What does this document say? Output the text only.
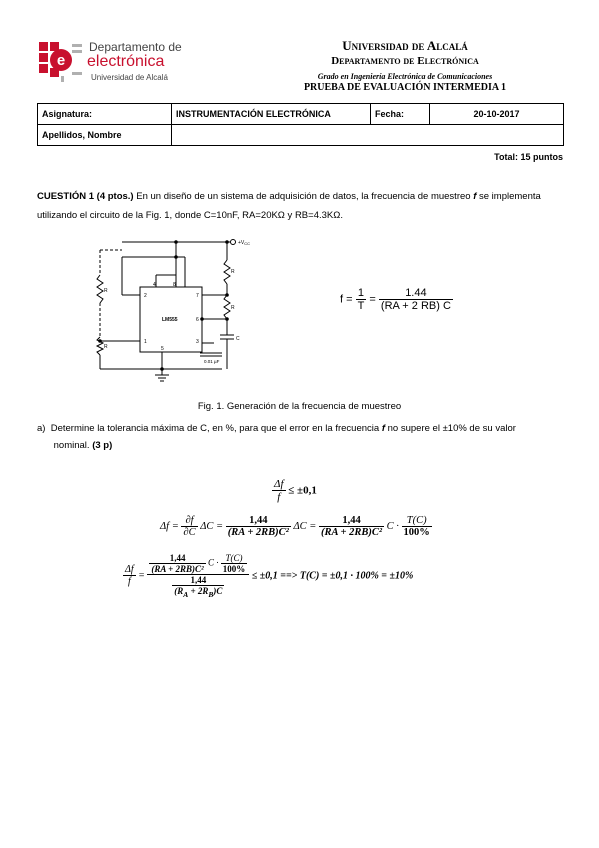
e
Departamento de
electrónica
Universidad de Alcalá
Universidad de Alcalá
Departamento de Electrónica
Grado en Ingeniería Electrónica de Comunicaciones
PRUEBA DE EVALUACIÓN INTERMEDIA 1
Asignatura:	INSTRUMENTACIÓN ELECTRÓNICA	Fecha:	20-10-2017
Apellidos, Nombre			
Total: 15 puntos
CUESTIÓN 1 (4 ptos.) En un diseño de un sistema de adquisición de datos, la frecuencia de muestreo f se implementa
utilizando el circuito de la Fig. 1, donde C=10nF, RA=20KΩ y RB=4.3KΩ.
$+V_{CC}$
R
R
R
R
LM555
C
0.01 µF
2
4	8
7
6
1	3
5
$f = \frac{1}{T} = \frac{1.44}{(RA + 2 RB) C}$
Fig. 1. Generación de la frecuencia de muestreo
a) Determine la tolerancia máxima de C, en %, para que el error en la frecuencia f no supere el ±10% de su valor
nominal. (3 p)
$\frac{\Delta f}{f} \le \pm 0,1$
$\Delta f = \frac{\partial f}{\partial C}$ $\Delta C = \frac{1,44}{\text{(RA + 2RB)C²}}$ $\Delta C = \frac{1,44}{\text{(RA + 2RB)C²}}$ $C \cdot \frac{T(C)}{100\%}$
$\frac{\Delta f}{f} = \frac{\frac{1,44}{\text{(RA + 2RB)C²}} C \cdot \frac{T(C)}{100\%}}{\frac{1,44}{(R_A + 2R_B)C}} \le \pm 0,1$ ==> T(C) = ±0,1 · 100% = ±10%
